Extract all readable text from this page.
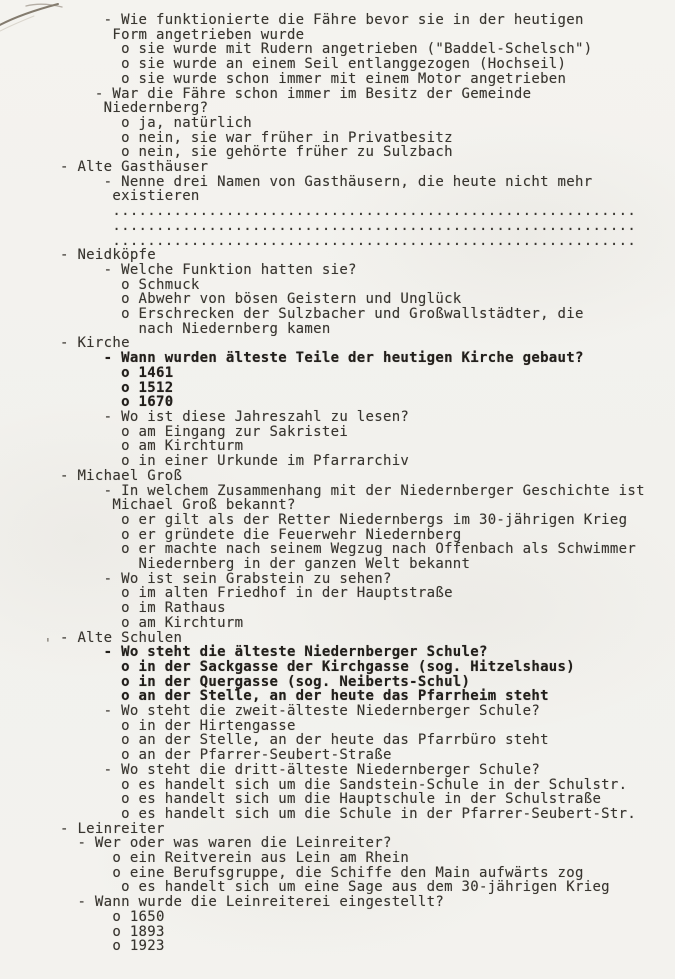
'
- Wie funktionierte die Fähre bevor sie in der heutigen
Form angetrieben wurde
o sie wurde mit Rudern angetrieben ("Baddel-Schelsch")
o sie wurde an einem Seil entlanggezogen (Hochseil)
o sie wurde schon immer mit einem Motor angetrieben
- War die Fähre schon immer im Besitz der Gemeinde
Niedernberg?
o ja, natürlich
o nein, sie war früher in Privatbesitz
o nein, sie gehörte früher zu Sulzbach
- Alte Gasthäuser
- Nenne drei Namen von Gasthäusern, die heute nicht mehr
existieren
............................................................
............................................................
............................................................
- Neidköpfe
- Welche Funktion hatten sie?
o Schmuck
o Abwehr von bösen Geistern und Unglück
o Erschrecken der Sulzbacher und Großwallstädter, die
nach Niedernberg kamen
- Kirche
- Wann wurden älteste Teile der heutigen Kirche gebaut?
o 1461
o 1512
o 1670
- Wo ist diese Jahreszahl zu lesen?
o am Eingang zur Sakristei
o am Kirchturm
o in einer Urkunde im Pfarrarchiv
- Michael Groß
- In welchem Zusammenhang mit der Niedernberger Geschichte ist
Michael Groß bekannt?
o er gilt als der Retter Niedernbergs im 30-jährigen Krieg
o er gründete die Feuerwehr Niedernberg
o er machte nach seinem Wegzug nach Offenbach als Schwimmer
Niedernberg in der ganzen Welt bekannt
- Wo ist sein Grabstein zu sehen?
o im alten Friedhof in der Hauptstraße
o im Rathaus
o am Kirchturm
- Alte Schulen
- Wo steht die älteste Niedernberger Schule?
o in der Sackgasse der Kirchgasse (sog. Hitzelshaus)
o in der Quergasse (sog. Neiberts-Schul)
o an der Stelle, an der heute das Pfarrheim steht
- Wo steht die zweit-älteste Niedernberger Schule?
o in der Hirtengasse
o an der Stelle, an der heute das Pfarrbüro steht
o an der Pfarrer-Seubert-Straße
- Wo steht die dritt-älteste Niedernberger Schule?
o es handelt sich um die Sandstein-Schule in der Schulstr.
o es handelt sich um die Hauptschule in der Schulstraße
o es handelt sich um die Schule in der Pfarrer-Seubert-Str.
- Leinreiter
- Wer oder was waren die Leinreiter?
o ein Reitverein aus Lein am Rhein
o eine Berufsgruppe, die Schiffe den Main aufwärts zog
o es handelt sich um eine Sage aus dem 30-jährigen Krieg
- Wann wurde die Leinreiterei eingestellt?
o 1650
o 1893
o 1923
